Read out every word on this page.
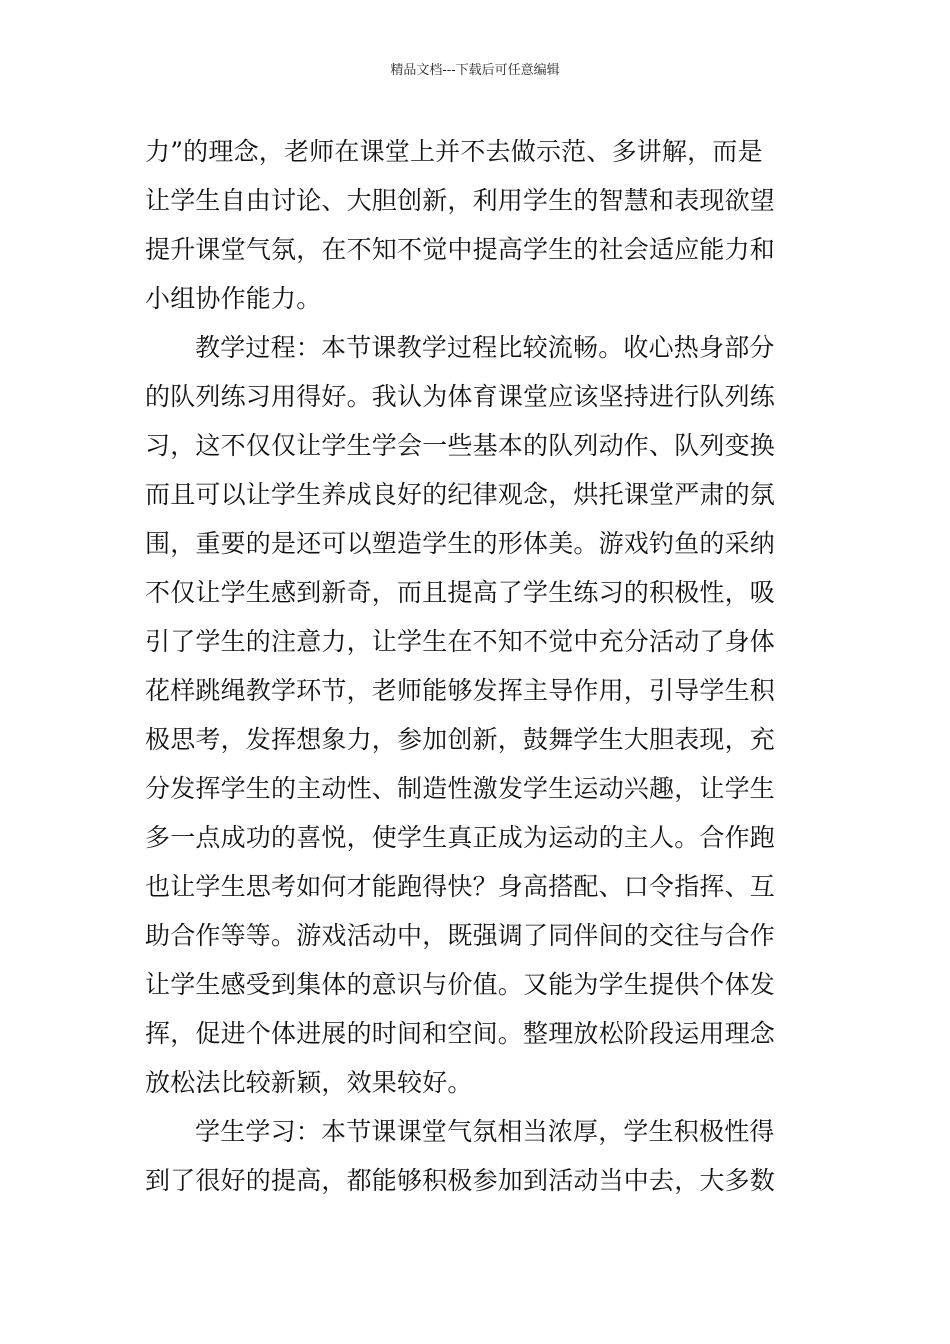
精品文档---下载后可任意编辑
力”的理念，老师在课堂上并不去做示范、多讲解，而是
让学生自由讨论、大胆创新，利用学生的智慧和表现欲望
提升课堂气氛，在不知不觉中提高学生的社会适应能力和
小组协作能力。
教学过程：本节课教学过程比较流畅。收心热身部分
的队列练习用得好。我认为体育课堂应该坚持进行队列练
习，这不仅仅让学生学会一些基本的队列动作、队列变换
而且可以让学生养成良好的纪律观念，烘托课堂严肃的氛
围，重要的是还可以塑造学生的形体美。游戏钓鱼的采纳
不仅让学生感到新奇，而且提高了学生练习的积极性，吸
引了学生的注意力，让学生在不知不觉中充分活动了身体
花样跳绳教学环节，老师能够发挥主导作用，引导学生积
极思考，发挥想象力，参加创新，鼓舞学生大胆表现，充
分发挥学生的主动性、制造性激发学生运动兴趣，让学生
多一点成功的喜悦，使学生真正成为运动的主人。合作跑
也让学生思考如何才能跑得快？身高搭配、口令指挥、互
助合作等等。游戏活动中，既强调了同伴间的交往与合作
让学生感受到集体的意识与价值。又能为学生提供个体发
挥，促进个体进展的时间和空间。整理放松阶段运用理念
放松法比较新颖，效果较好。
学生学习：本节课课堂气氛相当浓厚，学生积极性得
到了很好的提高，都能够积极参加到活动当中去，大多数
